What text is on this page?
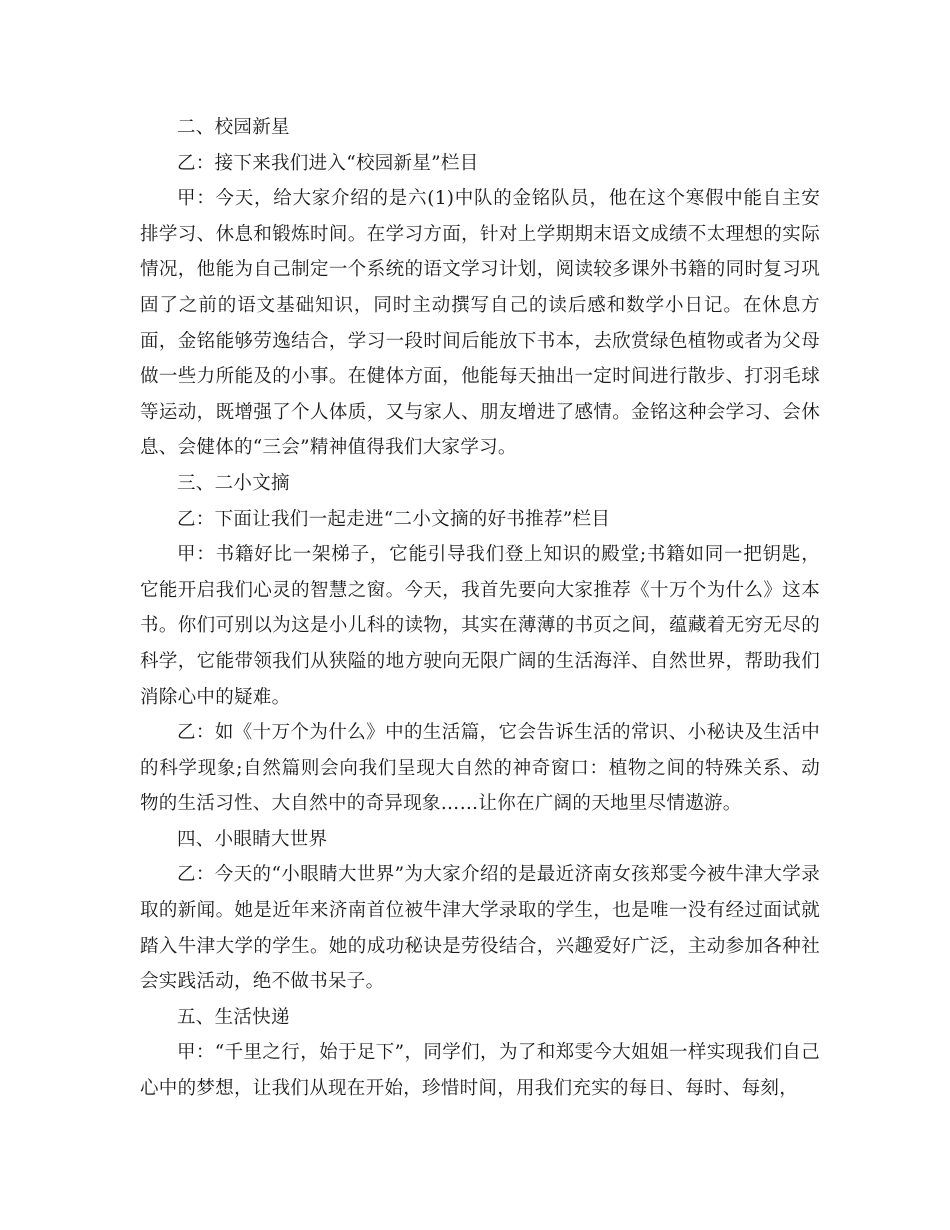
二、校园新星

乙：接下来我们进入“校园新星”栏目

甲：今天，给大家介绍的是六(1)中队的金铭队员，他在这个寒假中能自主安排学习、休息和锻炼时间。在学习方面，针对上学期期末语文成绩不太理想的实际情况，他能为自己制定一个系统的语文学习计划，阅读较多课外书籍的同时复习巩固了之前的语文基础知识，同时主动撰写自己的读后感和数学小日记。在休息方面，金铭能够劳逸结合，学习一段时间后能放下书本，去欣赏绿色植物或者为父母做一些力所能及的小事。在健体方面，他能每天抽出一定时间进行散步、打羽毛球等运动，既增强了个人体质，又与家人、朋友增进了感情。金铭这种会学习、会休息、会健体的“三会”精神值得我们大家学习。

三、二小文摘

乙：下面让我们一起走进“二小文摘的好书推荐”栏目

甲：书籍好比一架梯子，它能引导我们登上知识的殿堂;书籍如同一把钥匙，它能开启我们心灵的智慧之窗。今天，我首先要向大家推荐《十万个为什么》这本书。你们可别以为这是小儿科的读物，其实在薄薄的书页之间，蕴藏着无穷无尽的科学，它能带领我们从狭隘的地方驶向无限广阔的生活海洋、自然世界，帮助我们消除心中的疑难。

乙：如《十万个为什么》中的生活篇，它会告诉生活的常识、小秘诀及生活中的科学现象;自然篇则会向我们呈现大自然的神奇窗口：植物之间的特殊关系、动物的生活习性、大自然中的奇异现象……让你在广阔的天地里尽情遨游。

四、小眼睛大世界

乙：今天的“小眼睛大世界”为大家介绍的是最近济南女孩郑雯今被牛津大学录取的新闻。她是近年来济南首位被牛津大学录取的学生，也是唯一没有经过面试就踏入牛津大学的学生。她的成功秘诀是劳役结合，兴趣爱好广泛，主动参加各种社会实践活动，绝不做书呆子。

五、生活快递

甲：“千里之行，始于足下”，同学们，为了和郑雯今大姐姐一样实现我们自己心中的梦想，让我们从现在开始，珍惜时间，用我们充实的每日、每时、每刻，
